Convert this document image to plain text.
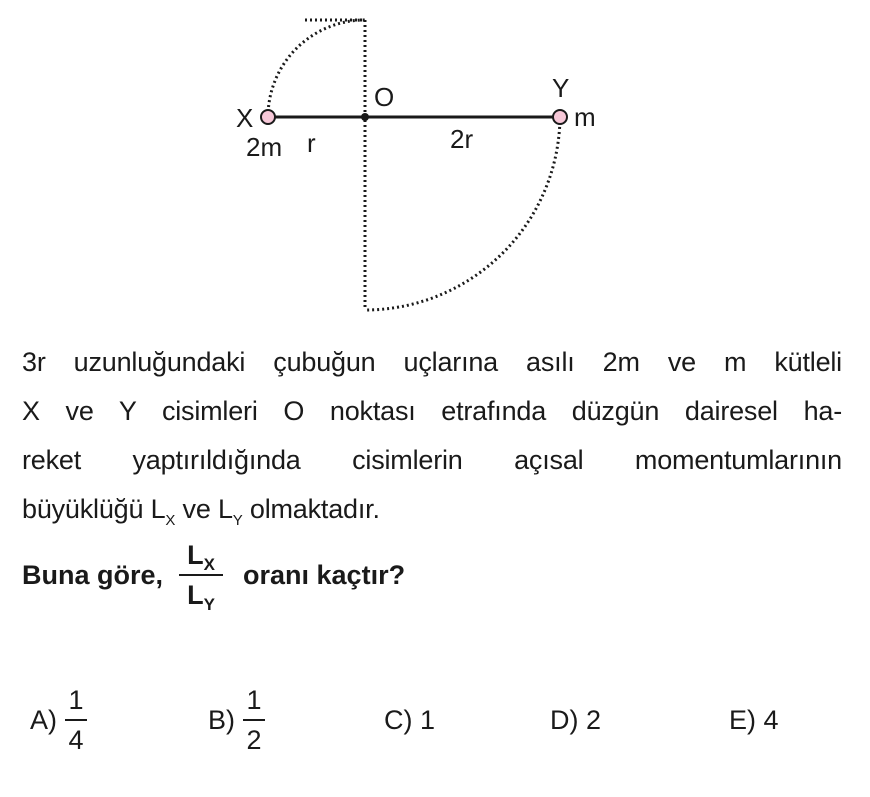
X
2m r
O
2r
Y
m
3r uzunluğundaki çubuğun uçlarına asılı 2m ve m kütleli
X ve Y cisimleri O noktası etrafında düzgün dairesel ha-
reket yaptırıldığında cisimlerin açısal momentumlarının
büyüklüğü $L_X$ ve $L_Y$ olmaktadır.
Buna göre, $\frac{L_X}{L_Y}$ oranı kaçtır?
A)
1
4
B)
1
2
C)
1	D)
2	E)
4
